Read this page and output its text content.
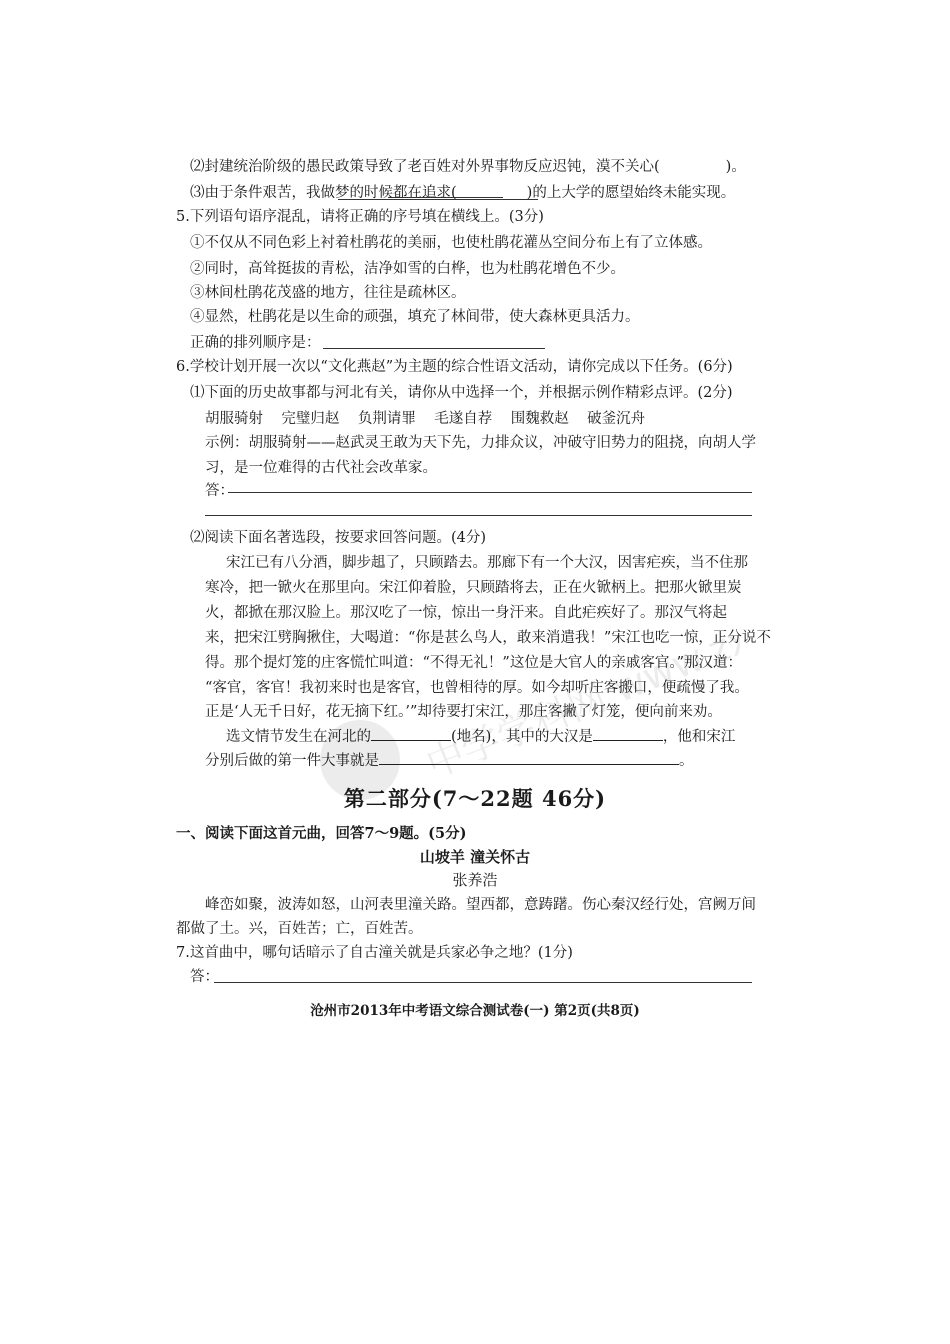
⑵封建统治阶级的愚民政策导致了老百姓对外界事物反应迟钝，漠不关心(	)。
⑶由于条件艰苦，我做梦的时候都在追求(	)的上大学的愿望始终未能实现。
5.下列语句语序混乱，请将正确的序号填在横线上。(3分)
①不仅从不同色彩上衬着杜鹃花的美丽，也使杜鹃花灌丛空间分布上有了立体感。
②同时，高耸挺拔的青松，洁净如雪的白桦，也为杜鹃花增色不少。
③林间杜鹃花茂盛的地方，往往是疏林区。
④显然，杜鹃花是以生命的顽强，填充了林间带，使大森林更具活力。
正确的排列顺序是：
6.学校计划开展一次以“文化燕赵”为主题的综合性语文活动，请你完成以下任务。(6分)
⑴下面的历史故事都与河北有关，请你从中选择一个，并根据示例作精彩点评。(2分)
胡服骑射    完璧归赵    负荆请罪    毛遂自荐    围魏救赵    破釜沉舟
示例：胡服骑射——赵武灵王敢为天下先，力排众议，冲破守旧势力的阻挠，向胡人学
习，是一位难得的古代社会改革家。
答：
⑵阅读下面名著选段，按要求回答问题。(4分)
宋江已有八分酒，脚步趄了，只顾踏去。那廊下有一个大汉，因害疟疾，当不住那
寒冷，把一锨火在那里向。宋江仰着脸，只顾踏将去，正在火锨柄上。把那火锨里炭
火，都掀在那汉脸上。那汉吃了一惊，惊出一身汗来。自此疟疾好了。那汉气将起
来，把宋江劈胸揪住，大喝道：“你是甚么鸟人，敢来消遣我！”宋江也吃一惊，正分说不
得。那个提灯笼的庄客慌忙叫道：“不得无礼！”这位是大官人的亲戚客官。”那汉道：
“客官，客官！我初来时也是客官，也曾相待的厚。如今却听庄客搬口，便疏慢了我。
正是‘人无千日好，花无摘下红。’”却待要打宋江，那庄客撇了灯笼，便向前来劝。
选文情节发生在河北的	(地名)，其中的大汉是	，他和宋江
分别后做的第一件大事就是	。
第二部分(7～22题 46分)
一、阅读下面这首元曲，回答7～9题。(5分)
山坡羊 潼关怀古
张养浩
峰峦如聚，波涛如怒，山河表里潼关路。望西都，意踌躇。伤心秦汉经行处，宫阙万间
都做了土。兴，百姓苦；亡，百姓苦。
7.这首曲中，哪句话暗示了自古潼关就是兵家必争之地？(1分)
答：
沧州市2013年中考语文综合测试卷(一) 第2页(共8页)
中学学科网 www.zxxk.com
